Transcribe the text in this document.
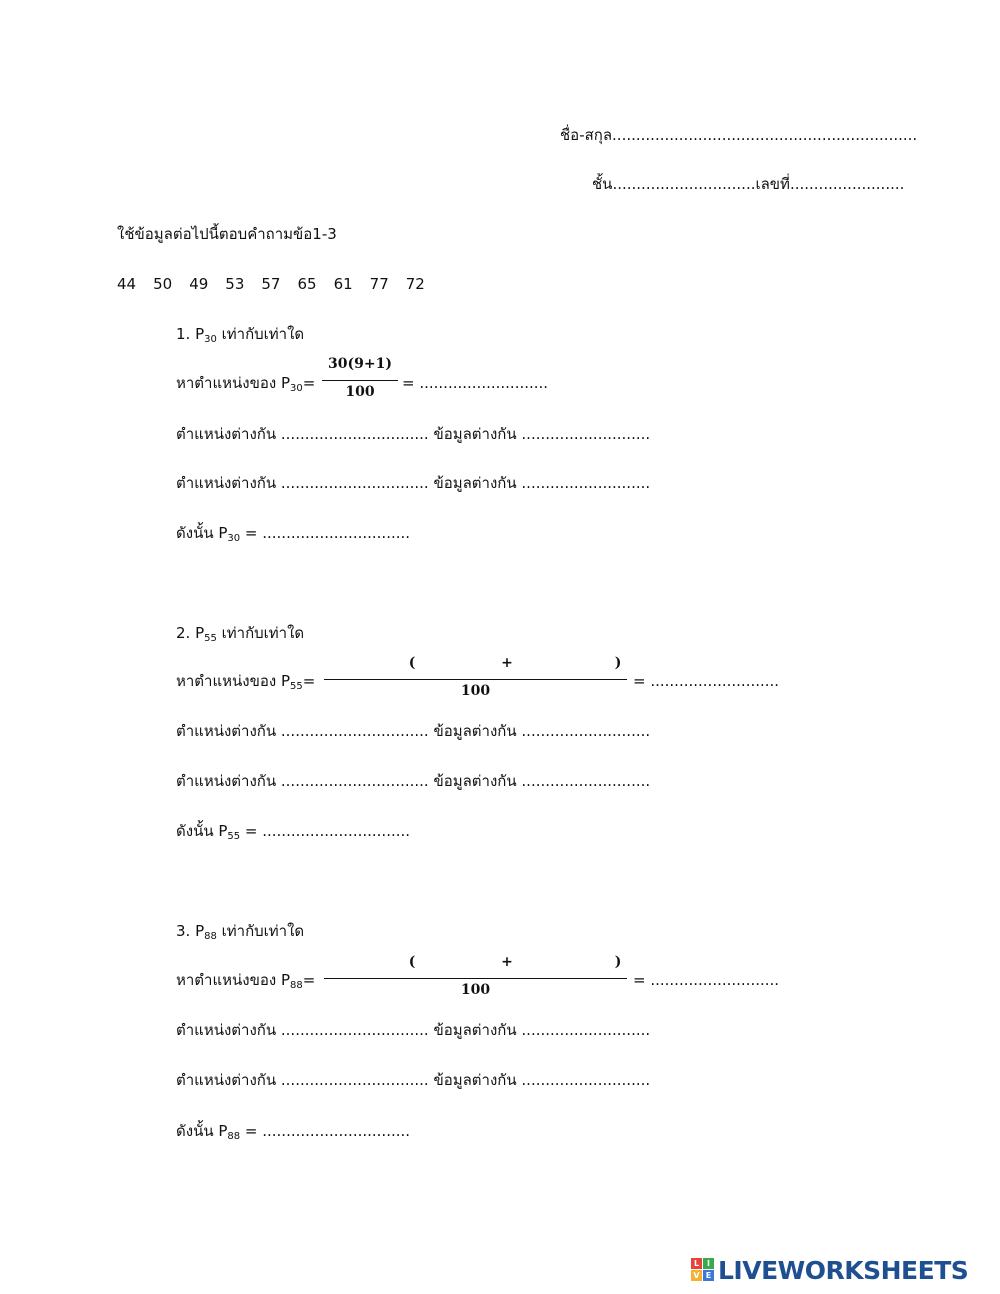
ชื่อ-สกุล................................................................
ชั้น..............................เลขที่........................
ใช้ข้อมูลต่อไปนี้ตอบคำถามข้อ1-3
44 50 49 53 57 65 61 77 72
1. $P_{30}$ เท่ากับเท่าใด
หาตำแหน่งของ $P_{30}=$
30(9+1)
100	= ...........................
ตำแหน่งต่างกัน ............................... ข้อมูลต่างกัน ...........................
ตำแหน่งต่างกัน ............................... ข้อมูลต่างกัน ...........................
ดังนั้น $P_{30}$ = ...............................
2. $P_{55}$ เท่ากับเท่าใด
หาตำแหน่งของ $P_{55}=$
(	+	)
100
= ...........................
ตำแหน่งต่างกัน ............................... ข้อมูลต่างกัน ...........................
ตำแหน่งต่างกัน ............................... ข้อมูลต่างกัน ...........................
ดังนั้น $P_{55}$ = ...............................
3. $P_{88}$ เท่ากับเท่าใด
หาตำแหน่งของ $P_{88}=$
(	+	)
100
= ...........................
ตำแหน่งต่างกัน ............................... ข้อมูลต่างกัน ...........................
ตำแหน่งต่างกัน ............................... ข้อมูลต่างกัน ...........................
ดังนั้น $P_{88}$ = ...............................
L I
V E LIVEWORKSHEETS
